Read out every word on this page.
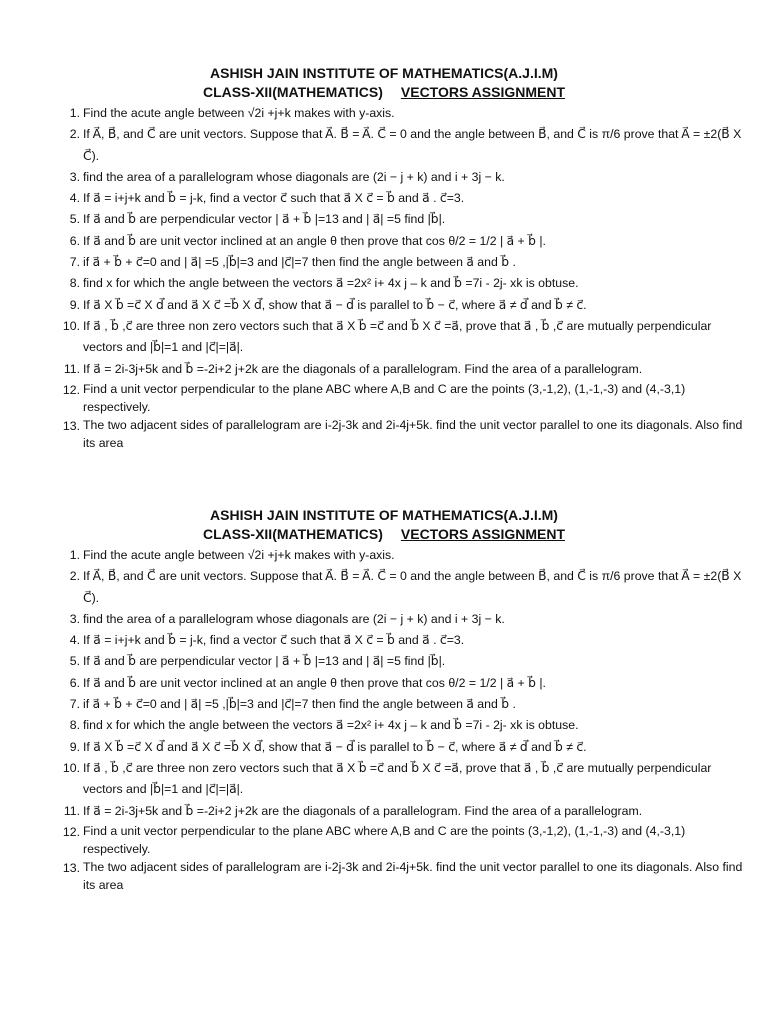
ASHISH JAIN INSTITUTE OF MATHEMATICS(A.J.I.M)

CLASS-XII(MATHEMATICS) VECTORS ASSIGNMENT

1. Find the acute angle between √2i +j+k makes with y-axis.
2. If A⃗, B⃗, and C⃗ are unit vectors. Suppose that A⃗. B⃗ = A⃗. C⃗ = 0 and the angle between B⃗, and C⃗ is π/6 prove that A⃗ = ±2(B⃗ X C⃗).
3. find the area of a parallelogram whose diagonals are (2i − j + k) and i + 3j − k.
4. If a⃗ = i+j+k and b⃗ = j-k, find a vector c⃗ such that a⃗ X c⃗ = b⃗ and a⃗ . c⃗=3.
5. If a⃗ and b⃗ are perpendicular vector | a⃗ + b⃗ |=13 and | a⃗| =5 find |b⃗|.
6. If a⃗ and b⃗ are unit vector inclined at an angle θ then prove that cos θ/2 = 1/2 | a⃗ + b⃗ |.
7. if a⃗ + b⃗ + c⃗=0 and | a⃗| =5 ,|b⃗|=3 and |c⃗|=7 then find the angle between a⃗ and b⃗ .
8. find x for which the angle between the vectors a⃗ =2x² i+ 4x j – k and b⃗ =7i - 2j- xk is obtuse.
9. If a⃗ X b⃗ =c⃗ X d⃗ and a⃗ X c⃗ =b⃗ X d⃗, show that a⃗ − d⃗ is parallel to b⃗ − c⃗, where a⃗ ≠ d⃗ and b⃗ ≠ c⃗.
10. If a⃗ , b⃗ ,c⃗ are three non zero vectors such that a⃗ X b⃗ =c⃗ and b⃗ X c⃗ =a⃗, prove that a⃗ , b⃗ ,c⃗ are mutually perpendicular vectors and |b⃗|=1 and |c⃗|=|a⃗|.
11. If a⃗ = 2i-3j+5k and b⃗ =-2i+2 j+2k are the diagonals of a parallelogram. Find the area of a parallelogram.
12. Find a unit vector perpendicular to the plane ABC where A,B and C are the points (3,-1,2), (1,-1,-3) and (4,-3,1) respectively.
13. The two adjacent sides of parallelogram are i-2j-3k and 2i-4j+5k. find the unit vector parallel to one its diagonals. Also find its area

ASHISH JAIN INSTITUTE OF MATHEMATICS(A.J.I.M)

CLASS-XII(MATHEMATICS) VECTORS ASSIGNMENT

1. Find the acute angle between √2i +j+k makes with y-axis.
2. If A⃗, B⃗, and C⃗ are unit vectors. Suppose that A⃗. B⃗ = A⃗. C⃗ = 0 and the angle between B⃗, and C⃗ is π/6 prove that A⃗ = ±2(B⃗ X C⃗).
3. find the area of a parallelogram whose diagonals are (2i − j + k) and i + 3j − k.
4. If a⃗ = i+j+k and b⃗ = j-k, find a vector c⃗ such that a⃗ X c⃗ = b⃗ and a⃗ . c⃗=3.
5. If a⃗ and b⃗ are perpendicular vector | a⃗ + b⃗ |=13 and | a⃗| =5 find |b⃗|.
6. If a⃗ and b⃗ are unit vector inclined at an angle θ then prove that cos θ/2 = 1/2 | a⃗ + b⃗ |.
7. if a⃗ + b⃗ + c⃗=0 and | a⃗| =5 ,|b⃗|=3 and |c⃗|=7 then find the angle between a⃗ and b⃗ .
8. find x for which the angle between the vectors a⃗ =2x² i+ 4x j – k and b⃗ =7i - 2j- xk is obtuse.
9. If a⃗ X b⃗ =c⃗ X d⃗ and a⃗ X c⃗ =b⃗ X d⃗, show that a⃗ − d⃗ is parallel to b⃗ − c⃗, where a⃗ ≠ d⃗ and b⃗ ≠ c⃗.
10. If a⃗ , b⃗ ,c⃗ are three non zero vectors such that a⃗ X b⃗ =c⃗ and b⃗ X c⃗ =a⃗, prove that a⃗ , b⃗ ,c⃗ are mutually perpendicular vectors and |b⃗|=1 and |c⃗|=|a⃗|.
11. If a⃗ = 2i-3j+5k and b⃗ =-2i+2 j+2k are the diagonals of a parallelogram. Find the area of a parallelogram.
12. Find a unit vector perpendicular to the plane ABC where A,B and C are the points (3,-1,2), (1,-1,-3) and (4,-3,1) respectively.
13. The two adjacent sides of parallelogram are i-2j-3k and 2i-4j+5k. find the unit vector parallel to one its diagonals. Also find its area
